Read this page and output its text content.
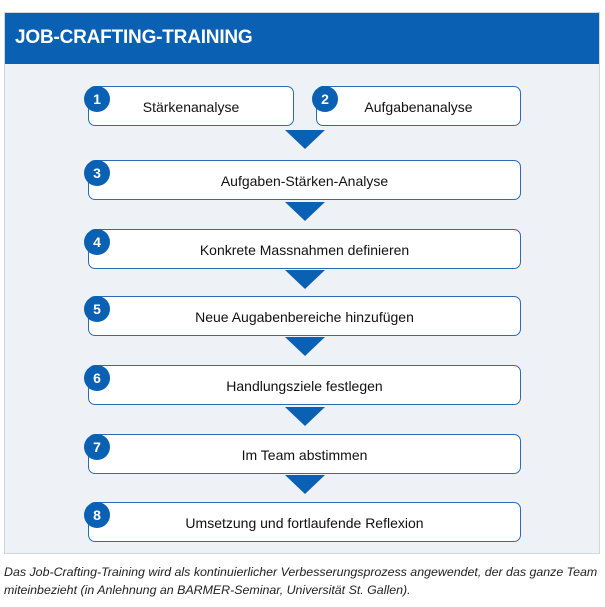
JOB-CRAFTING-TRAINING
Stärkenanalyse
1	Aufgabenanalyse
2
Aufgaben-Stärken-Analyse
3
Konkrete Massnahmen definieren
4
Neue Augabenbereiche hinzufügen
5
Handlungsziele festlegen
6
Im Team abstimmen
7
Umsetzung und fortlaufende Reflexion
8
Das Job-Crafting-Training wird als kontinuierlicher Verbesserungsprozess angewendet, der das ganze Team miteinbezieht (in Anlehnung an BARMER-Seminar, Universität St. Gallen).
